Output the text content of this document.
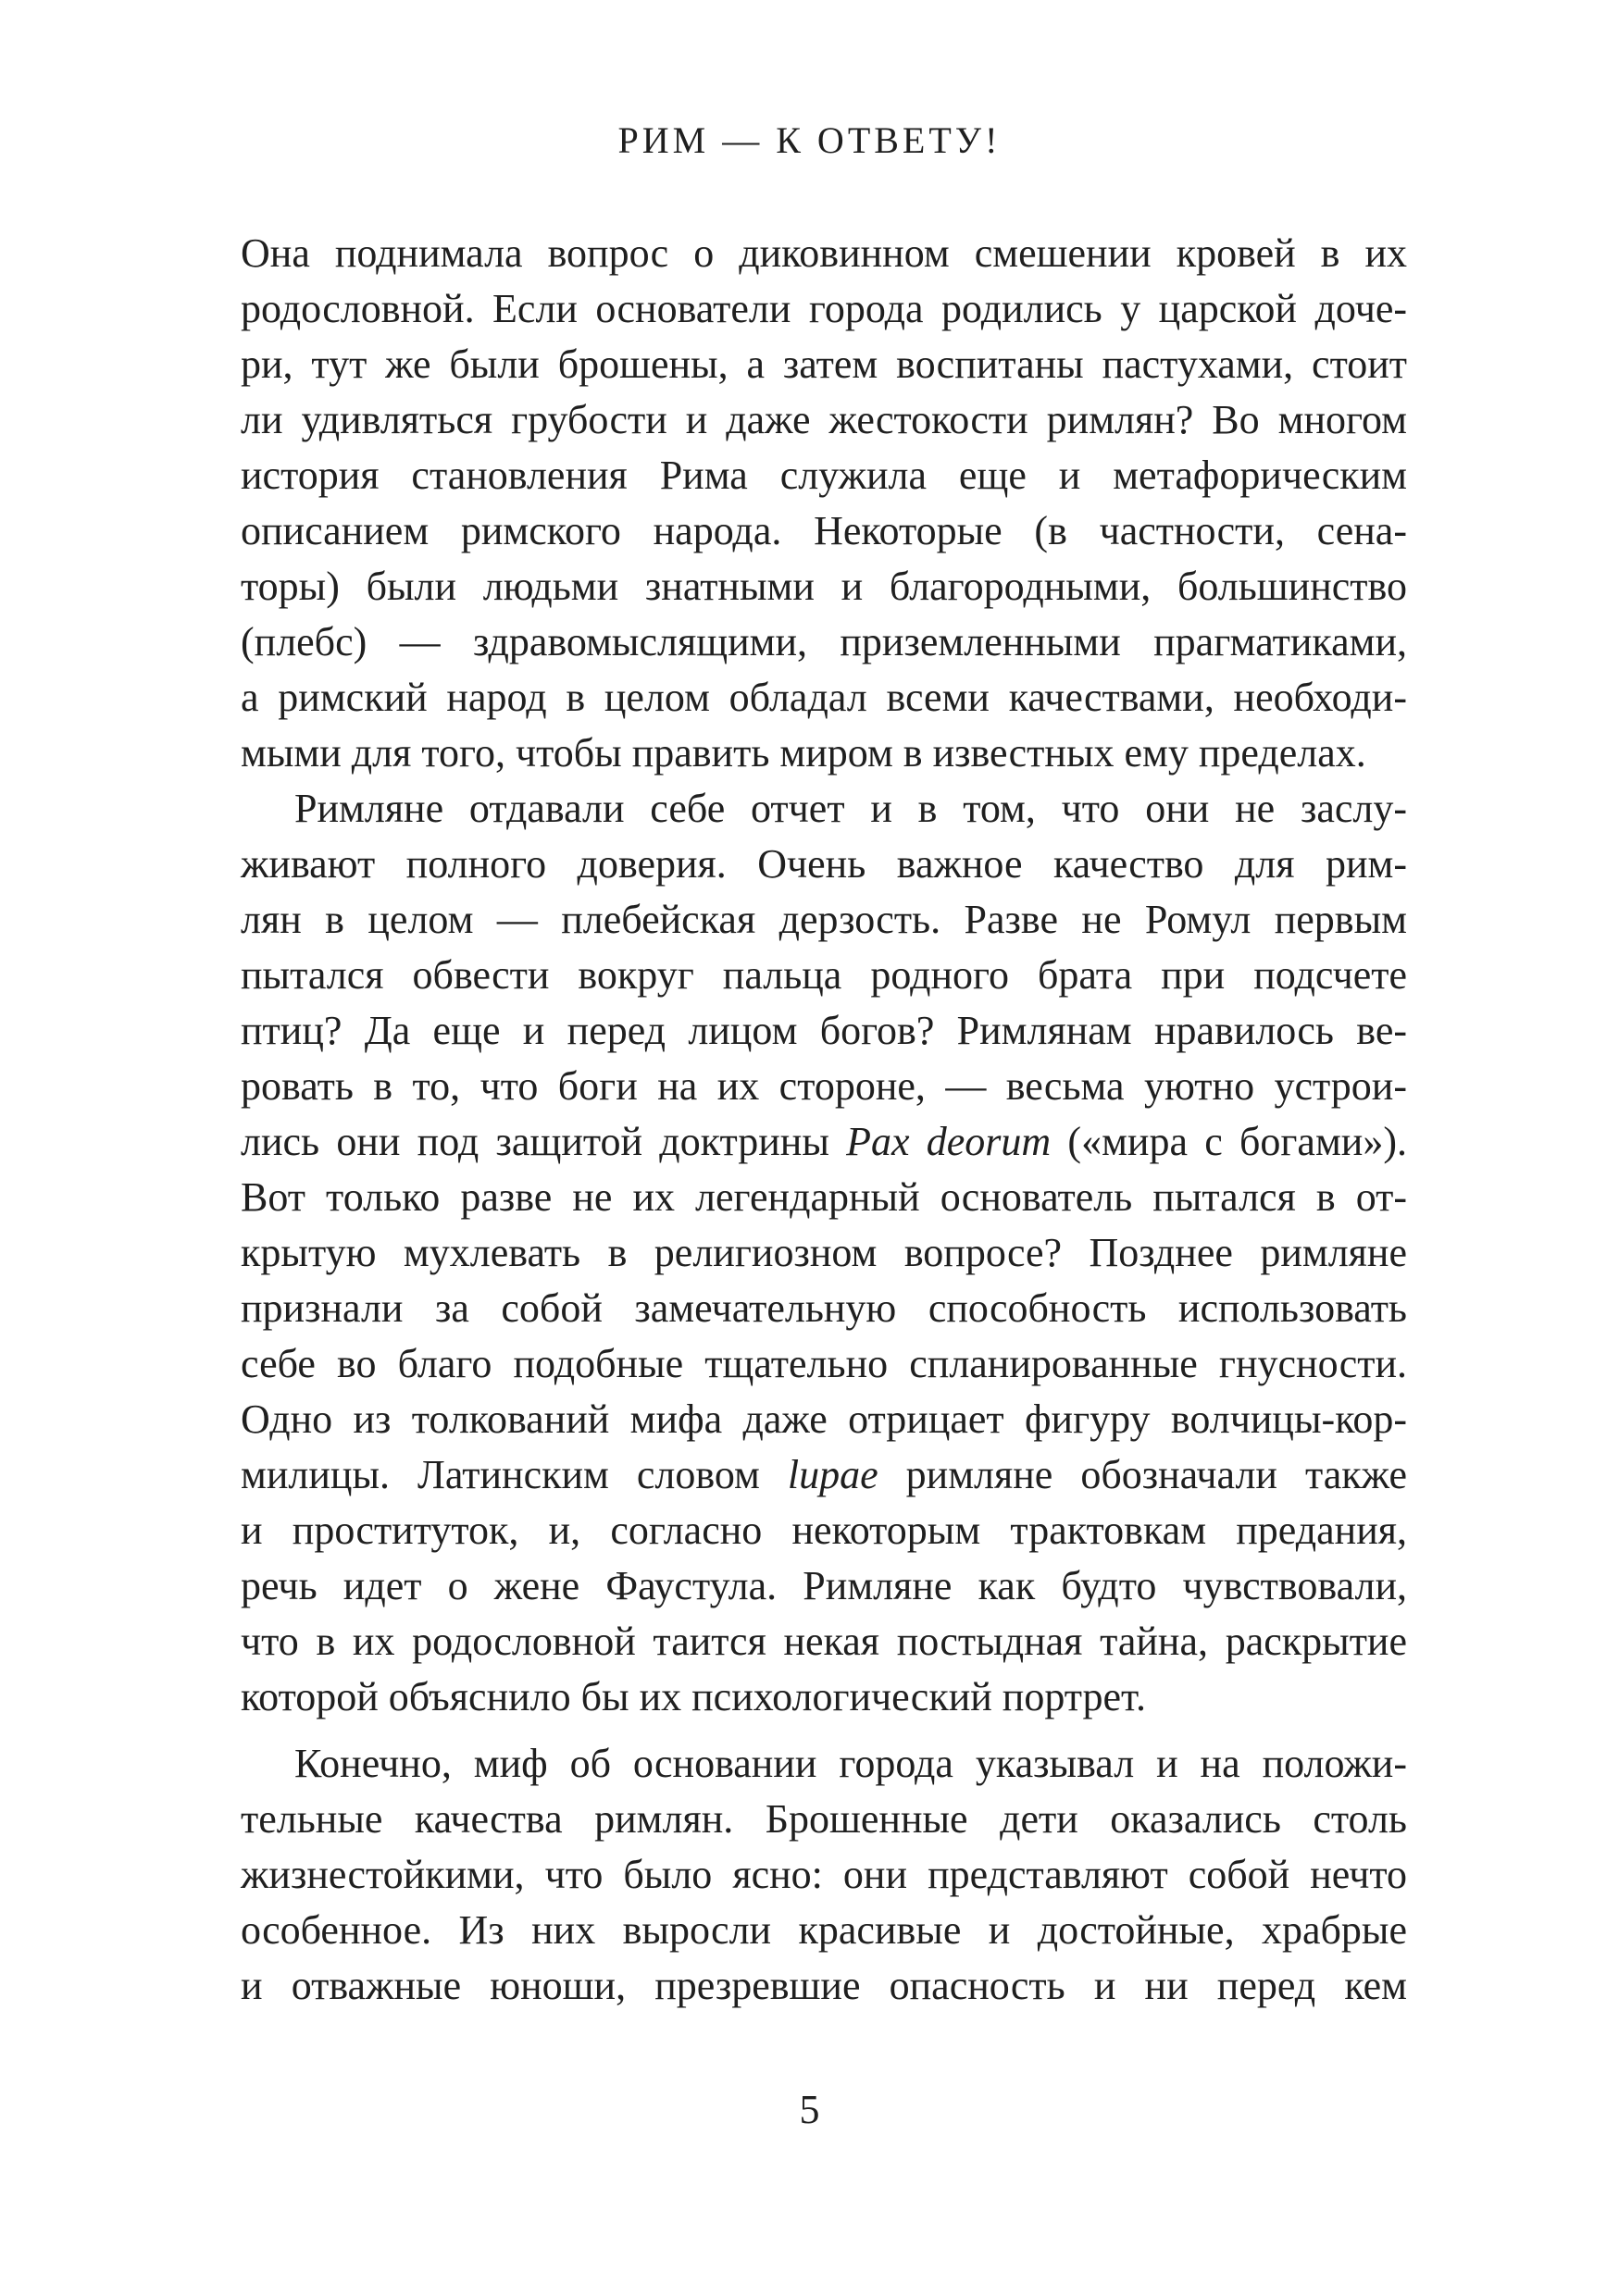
РИМ — К ОТВЕТУ!
Она поднимала вопрос о диковинном смешении кровей в их
родословной. Если основатели города родились у царской доче-
ри, тут же были брошены, а затем воспитаны пастухами, стоит
ли удивляться грубости и даже жестокости римлян? Во многом
история становления Рима служила еще и метафорическим
описанием римского народа. Некоторые (в частности, сена-
торы) были людьми знатными и благородными, большинство
(плебс) — здравомыслящими, приземленными прагматиками,
а римский народ в целом обладал всеми качествами, необходи-
мыми для того, чтобы править миром в известных ему пределах.
Римляне отдавали себе отчет и в том, что они не заслу-
живают полного доверия. Очень важное качество для рим-
лян в целом — плебейская дерзость. Разве не Ромул первым
пытался обвести вокруг пальца родного брата при подсчете
птиц? Да еще и перед лицом богов? Римлянам нравилось ве-
ровать в то, что боги на их стороне, — весьма уютно устрои-
лись они под защитой доктрины Pax deorum («мира с богами»).
Вот только разве не их легендарный основатель пытался в от-
крытую мухлевать в религиозном вопросе? Позднее римляне
признали за собой замечательную способность использовать
себе во благо подобные тщательно спланированные гнусности.
Одно из толкований мифа даже отрицает фигуру волчицы-кор-
милицы. Латинским словом lupae римляне обозначали также
и проституток, и, согласно некоторым трактовкам предания,
речь идет о жене Фаустула. Римляне как будто чувствовали,
что в их родословной таится некая постыдная тайна, раскрытие
которой объяснило бы их психологический портрет.
Конечно, миф об основании города указывал и на положи-
тельные качества римлян. Брошенные дети оказались столь
жизнестойкими, что было ясно: они представляют собой нечто
особенное. Из них выросли красивые и достойные, храбрые
и отважные юноши, презревшие опасность и ни перед кем
5
